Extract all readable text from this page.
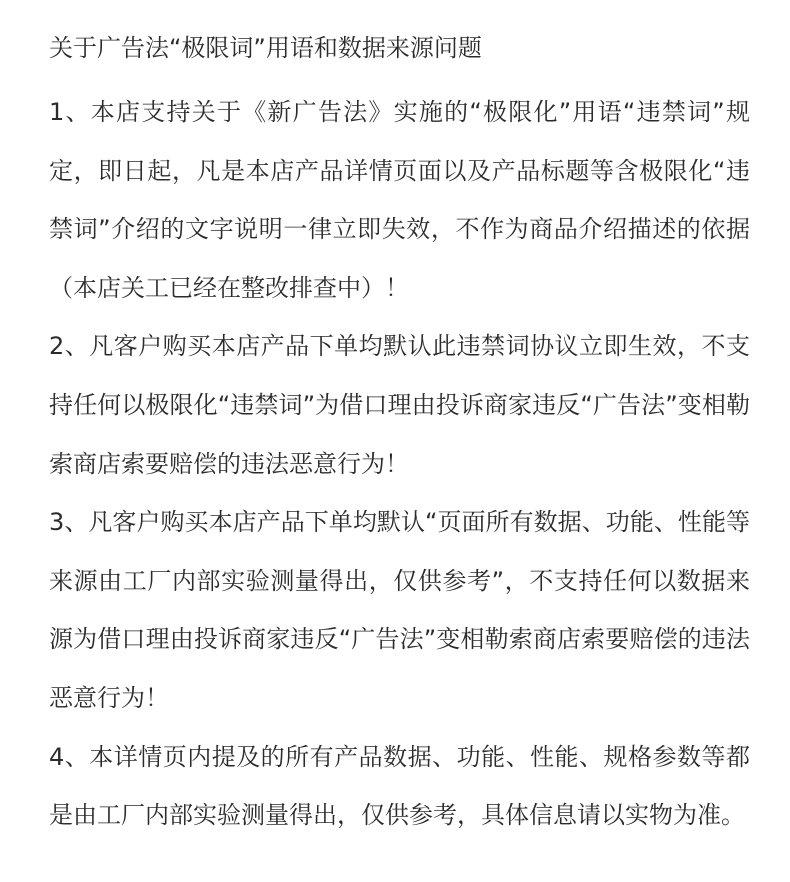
关于广告法“极限词”用语和数据来源问题
1、本店支持关于《新广告法》实施的“极限化”用语“违禁词”规定，即日起，凡是本店产品详情页面以及产品标题等含极限化“违禁词”介绍的文字说明一律立即失效，不作为商品介绍描述的依据（本店关工已经在整改排查中）！
2、凡客户购买本店产品下单均默认此违禁词协议立即生效，不支持任何以极限化“违禁词”为借口理由投诉商家违反“广告法”变相勒索商店索要赔偿的违法恶意行为！
3、凡客户购买本店产品下单均默认“页面所有数据、功能、性能等来源由工厂内部实验测量得出，仅供参考”，不支持任何以数据来源为借口理由投诉商家违反“广告法”变相勒索商店索要赔偿的违法恶意行为！
4、本详情页内提及的所有产品数据、功能、性能、规格参数等都是由工厂内部实验测量得出，仅供参考，具体信息请以实物为准。
